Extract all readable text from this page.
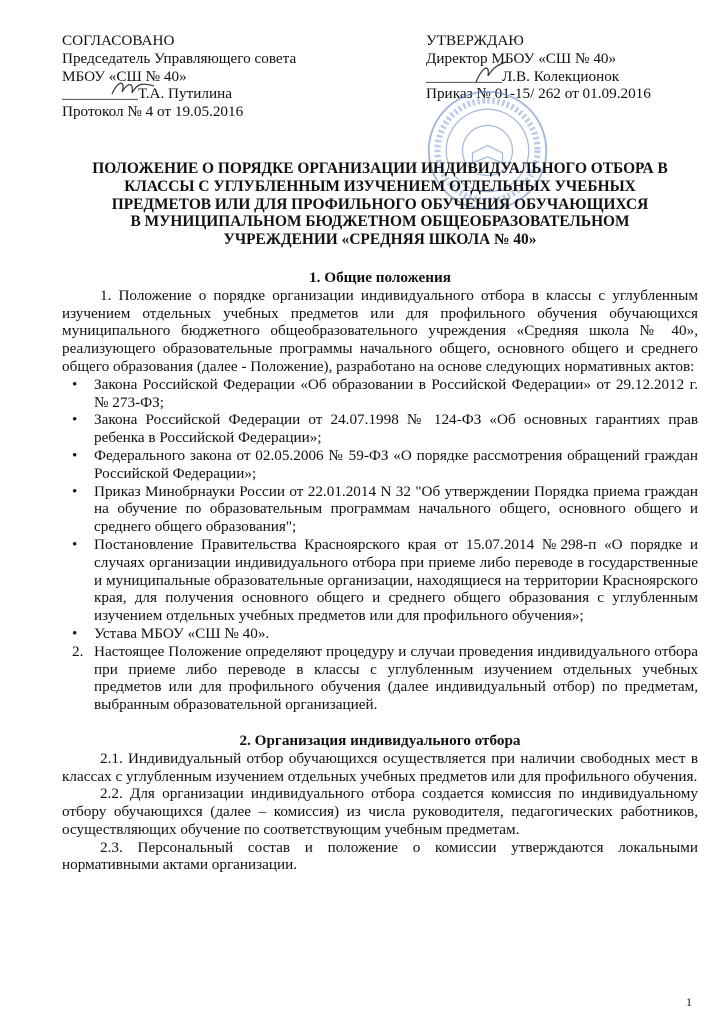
СОГЛАСОВАНО
Председатель Управляющего совета
МБОУ «СШ № 40»
__________Т.А. Путилина
Протокол № 4 от 19.05.2016
УТВЕРЖДАЮ
Директор МБОУ «СШ № 40»
__________Л.В. Колекционок
Приказ № 01-15/ 262 от 01.09.2016
ПОЛОЖЕНИЕ О ПОРЯДКЕ ОРГАНИЗАЦИИ ИНДИВИДУАЛЬНОГО ОТБОРА В
КЛАССЫ С УГЛУБЛЕННЫМ ИЗУЧЕНИЕМ ОТДЕЛЬНЫХ УЧЕБНЫХ
ПРЕДМЕТОВ ИЛИ ДЛЯ ПРОФИЛЬНОГО ОБУЧЕНИЯ ОБУЧАЮЩИХСЯ
В МУНИЦИПАЛЬНОМ БЮДЖЕТНОМ ОБЩЕОБРАЗОВАТЕЛЬНОМ
УЧРЕЖДЕНИИ «СРЕДНЯЯ ШКОЛА № 40»
1. Общие положения

1. Положение о порядке организации индивидуального отбора в классы с углубленным изучением отдельных учебных предметов или для профильного обучения обучающихся муниципального бюджетного общеобразовательного учреждения «Средняя школа № 40», реализующего образовательные программы начального общего, основного общего и среднего общего образования (далее - Положение), разработано на основе следующих нормативных актов:

• Закона Российской Федерации «Об образовании в Российской Федерации» от 29.12.2012 г. № 273-ФЗ;
• Закона Российской Федерации от 24.07.1998 № 124-ФЗ «Об основных гарантиях прав ребенка в Российской Федерации»;
• Федерального закона от 02.05.2006 № 59-ФЗ «О порядке рассмотрения обращений граждан Российской Федерации»;
• Приказ Минобрнауки России от 22.01.2014 N 32 "Об утверждении Порядка приема граждан на обучение по образовательным программам начального общего, основного общего и среднего общего образования";
• Постановление Правительства Красноярского края от 15.07.2014 №298-п «О порядке и случаях организации индивидуального отбора при приеме либо переводе в государственные и муниципальные образовательные организации, находящиеся на территории Красноярского края, для получения основного общего и среднего общего образования с углубленным изучением отдельных учебных предметов или для профильного обучения»;
• Устава МБОУ «СШ № 40».
2. Настоящее Положение определяют процедуру и случаи проведения индивидуального отбора при приеме либо переводе в классы с углубленным изучением отдельных учебных предметов или для профильного обучения (далее индивидуальный отбор) по предметам, выбранным образовательной организацией.
2. Организация индивидуального отбора

2.1. Индивидуальный отбор обучающихся осуществляется при наличии свободных мест в классах с углубленным изучением отдельных учебных предметов или для профильного обучения.

2.2. Для организации индивидуального отбора создается комиссия по индивидуальному отбору обучающихся (далее – комиссия) из числа руководителя, педагогических работников, осуществляющих обучение по соответствующим учебным предметам.

2.3. Персональный состав и положение о комиссии утверждаются локальными нормативными актами организации.

1
